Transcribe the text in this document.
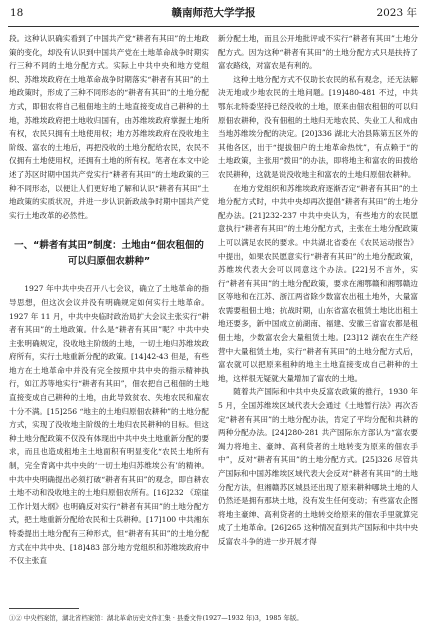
18	赣南师范大学学报	2023 年

段。这种认识确实看到了中国共产党“耕者有其田”的土地政策的变化，却没有认识到中国共产党在土地革命战争时期实行三种不同的土地分配方式。实际上中共中央和地方党组织、苏维埃政府在土地革命战争时期落实“耕者有其田”的土地政策时，形成了三种不同形态的“耕者有其田”的土地分配方式，即佃农将自己租佃地主的土地直接变成自己耕种的土地，苏维埃政府把土地收归国有，由苏维埃政府掌握土地所有权，农民只拥有土地使用权；地方苏维埃政府在没收地主阶级、富农的土地后，再把没收的土地分配给农民，农民不仅拥有土地使用权，还拥有土地的所有权。笔者在本文中论述了苏区时期中国共产党实行“耕者有其田”的土地政策的三种不同形态，以便让人们更好地了解和认识“耕者有其田”土地政策的实质状况，并进一步认识新政战争时期中国共产党实行土地改革的必然性。

一、“耕者有其田”制度：土地由“佃农租佃的可以归原佃农耕种”

1927 年中共中央召开八七会议，确立了土地革命的指导思想，但这次会议并没有明确规定如何实行土地革命。1927 年 11 月，中共中央临时政治局扩大会议主张实行“耕者有其田”的土地政策。什么是“耕者有其田”呢？中共中央主张明确规定，没收地主阶级的土地，一切土地归苏维埃政府所有，实行土地重新分配的政策。[14]42-43 但是，有些地方在土地革命中并没有完全按照中共中央的指示精神执行，如江苏等地实行“耕者有其田”，佃农把自己租佃的土地直接变成自己耕种的土地，由此导致贫农、失地农民和雇农十分不满。[15]256 “地主的土地归原佃农耕种”的土地分配方式，实现了没收地主阶级的土地归农民耕种的目标。但这种土地分配政策不仅没有体现出中共中央土地重新分配的要求，而且也造成租地主土地面积有明显变化“农民土地所有制，完全背离中共中央的‘一切土地归苏维埃公有’的精神。中共中央明确提出必须打破“耕者有其田”的观念，即自耕农土地不动和没收地主的土地归原佃农所有。[16]232 《琼崖工作计划大纲》也明确反对实行“耕者有其田”的土地分配方式，把土地重新分配给农民和士兵耕种。[17]100 中共湘东特委提出土地分配有三种形式，但“耕者有其田”的土地分配方式在中共中央、[18]483 部分地方党组织和苏维埃政府中不仅主张直

新分配土地，而且公开地批评或不实行“耕者有其田”土地分配方式。因为这种“耕者有其田”的土地分配方式只是扶持了富农路线，对富农是有利的。

这种土地分配方式不仅助长农民的私有观念，还无法解决无地或少地农民的土地问题。[19]480-481 不过，中共鄂东北特委坚持已经没收的土地，原来由佃农租佃的可以归原佃农耕种，没有佃租的土地归无地农民、失业工人和成由当地苏维埃分配的决定。[20]336 湖北大冶县陈第五区外的其他各区，出于“提拔佃户的土地革命热忱”，有点赖于“的土地政策，主张用“拨田”的办法，即将地主和富农的田拨给农民耕种，这就是说没收地主和富农的土地归原佃农耕种。

在地方党组织和苏维埃政府逐渐否定“耕者有其田”的土地分配方式时，中共中央却再次提倡“耕者有其田”的土地分配办法。[21]232-237 中共中央认为，有些地方的农民愿意执行“耕者有其田”的土地分配方式，主张在土地分配政策上可以满足农民的要求。中共湖北省委在《农民运动报告》中提出，如果农民愿意实行“耕者有其田”的土地分配政策，苏维埃代表大会可以同意这个办法。[22]另不言外，实行“耕者有其田”的土地分配政策，要求在湘鄂赣和湘鄂赣边区等地和在江苏、浙江两省除少数富农出租土地外，大量富农需要租佃土地；抗战时期，山东省富农租赁土地比出租土地还要多，新中国成立前湖南、福建、安徽三省富农都是租佃土地，少数富农会大量租赁土地。[23]12 湖农在生产经营中大量租赁土地，实行“耕者有其田”的土地分配方式后，富农就可以把原来租种的地主土地直接变成自己耕种的土地，这样很无疑就大量增加了富农的土地。

随着共产国际和中共中央反富农政策的推行，1930 年 5 月，全国苏维埃区域代表大会通过《土地暂行法》再次否定“耕者有其田”的土地分配办法，肯定了平均分配和共耕的两种分配办法。[24]280-281 共产国际东方部认为“富农要竭力将地主、豪绅、高利贷者的土地转变为原来的佃农手中”，反对“耕者有其田”的土地分配方式。[25]326 尽管共产国际和中国苏维埃区域代表大会反对“耕者有其田”的土地分配方法，但湘赣苏区城县还出现了原来耕种哪块土地的人仍然还是拥有那块土地，没有发生任何变动；有些富农企图将地主豪绅、高利贷者的土地转交给原来的佃农手里就算完成了土地革命。[26]265 这种情况直到共产国际和中共中央反富农斗争的进一步开展才得

①② 中央档案馆，湖北省档案馆：湖北革命历史文件汇集 · 县委文件(1927—1932 年)3，1985 年版。
